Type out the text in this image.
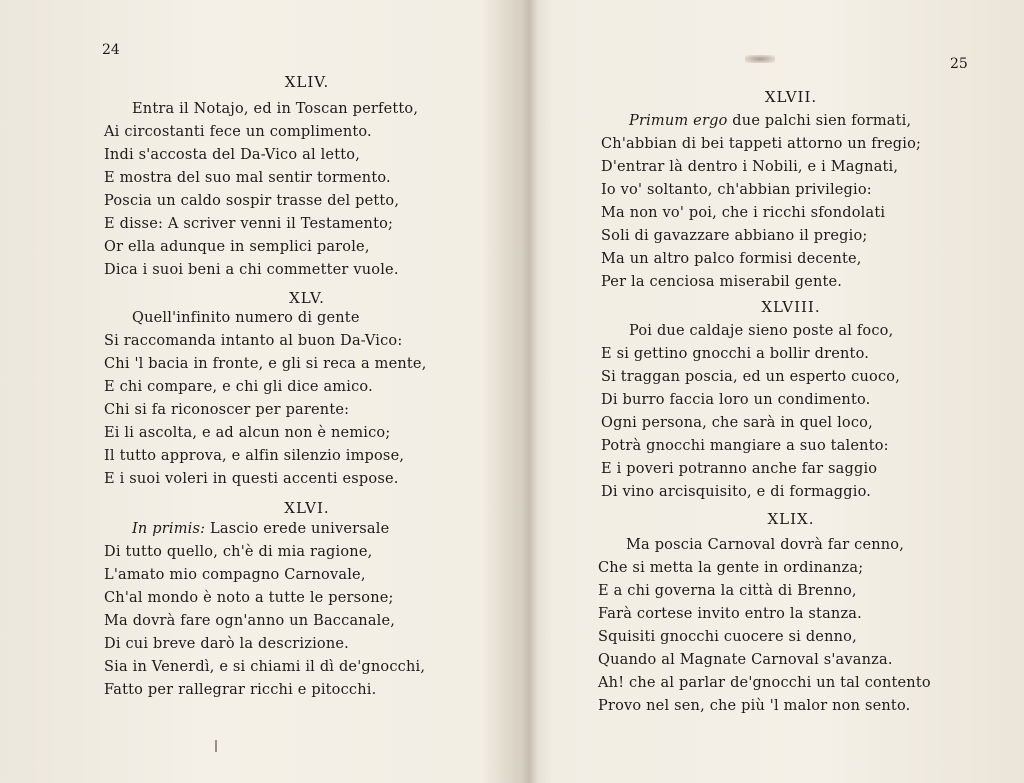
24
XLIV.
Entra il Notajo, ed in Toscan perfetto,
Ai circostanti fece un complimento.
Indi s'accosta del Da-Vico al letto,
E mostra del suo mal sentir tormento.
Poscia un caldo sospir trasse del petto,
E disse: A scriver venni il Testamento;
Or ella adunque in semplici parole,
Dica i suoi beni a chi commetter vuole.
XLV.
Quell'infinito numero di gente
Si raccomanda intanto al buon Da-Vico:
Chi 'l bacia in fronte, e gli si reca a mente,
E chi compare, e chi gli dice amico.
Chi si fa riconoscer per parente:
Ei li ascolta, e ad alcun non è nemico;
Il tutto approva, e alfin silenzio impose,
E i suoi voleri in questi accenti espose.
XLVI.
In primis: Lascio erede universale
Di tutto quello, ch'è di mia ragione,
L'amato mio compagno Carnovale,
Ch'al mondo è noto a tutte le persone;
Ma dovrà fare ogn'anno un Baccanale,
Di cui breve darò la descrizione.
Sia in Venerdì, e si chiami il dì de'gnocchi,
Fatto per rallegrar ricchi e pitocchi.
25
XLVII.
Primum ergo due palchi sien formati,
Ch'abbian di bei tappeti attorno un fregio;
D'entrar là dentro i Nobili, e i Magnati,
Io vo' soltanto, ch'abbian privilegio:
Ma non vo' poi, che i ricchi sfondolati
Soli di gavazzare abbiano il pregio;
Ma un altro palco formisi decente,
Per la cenciosa miserabil gente.
XLVIII.
Poi due caldaje sieno poste al foco,
E si gettino gnocchi a bollir drento.
Si traggan poscia, ed un esperto cuoco,
Di burro faccia loro un condimento.
Ogni persona, che sarà in quel loco,
Potrà gnocchi mangiare a suo talento:
E i poveri potranno anche far saggio
Di vino arcisquisito, e di formaggio.
XLIX.
Ma poscia Carnoval dovrà far cenno,
Che si metta la gente in ordinanza;
E a chi governa la città di Brenno,
Farà cortese invito entro la stanza.
Squisiti gnocchi cuocere si denno,
Quando al Magnate Carnoval s'avanza.
Ah! che al parlar de'gnocchi un tal contento
Provo nel sen, che più 'l malor non sento.
